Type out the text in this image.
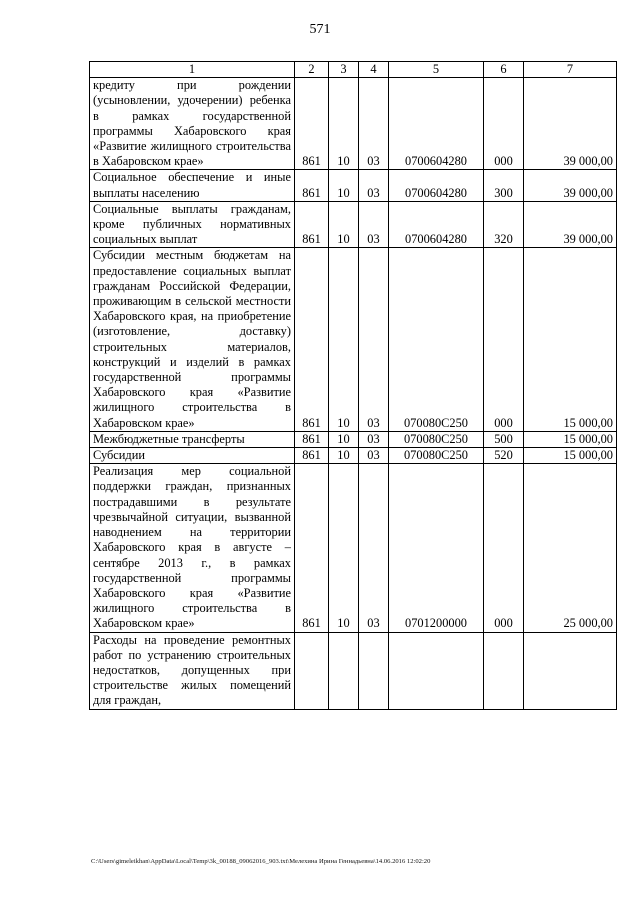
571
1	2	3	4	5	6	7
кредиту при рождении (усыновлении, удочерении) ребенка в рамках государственной программы Хабаровского края «Развитие жилищного строительства в Хабаровском крае»	861	10	03	0700604280	000	39 000,00
Социальное обеспечение и иные выплаты населению	861	10	03	0700604280	300	39 000,00
Социальные выплаты гражданам, кроме публичных нормативных социальных выплат	861	10	03	0700604280	320	39 000,00
Субсидии местным бюджетам на предоставление социальных выплат гражданам Российской Федерации, проживающим в сельской местности Хабаровского края, на приобретение (изготовление, доставку) строительных материалов, конструкций и изделий в рамках государственной программы Хабаровского края «Развитие жилищного строительства в Хабаровском крае»	861	10	03	070080С250	000	15 000,00
Межбюджетные трансферты	861	10	03	070080С250	500	15 000,00
Субсидии	861	10	03	070080С250	520	15 000,00
Реализация мер социальной поддержки граждан, признанных пострадавшими в результате чрезвычайной ситуации, вызванной наводнением на территории Хабаровского края в августе – сентябре 2013 г., в рамках государственной программы Хабаровского края «Развитие жилищного строительства в Хабаровском крае»	861	10	03	0701200000	000	25 000,00
Расходы на проведение ремонтных работ по устранению строительных недостатков, допущенных при строительстве жилых помещений для граждан,						
C:\Users\gimeleikhan\AppData\Local\Temp\3k_00188_09062016_903.txt\Мелехина Ирина Геннадьевна\14.06.2016 12:02:20
